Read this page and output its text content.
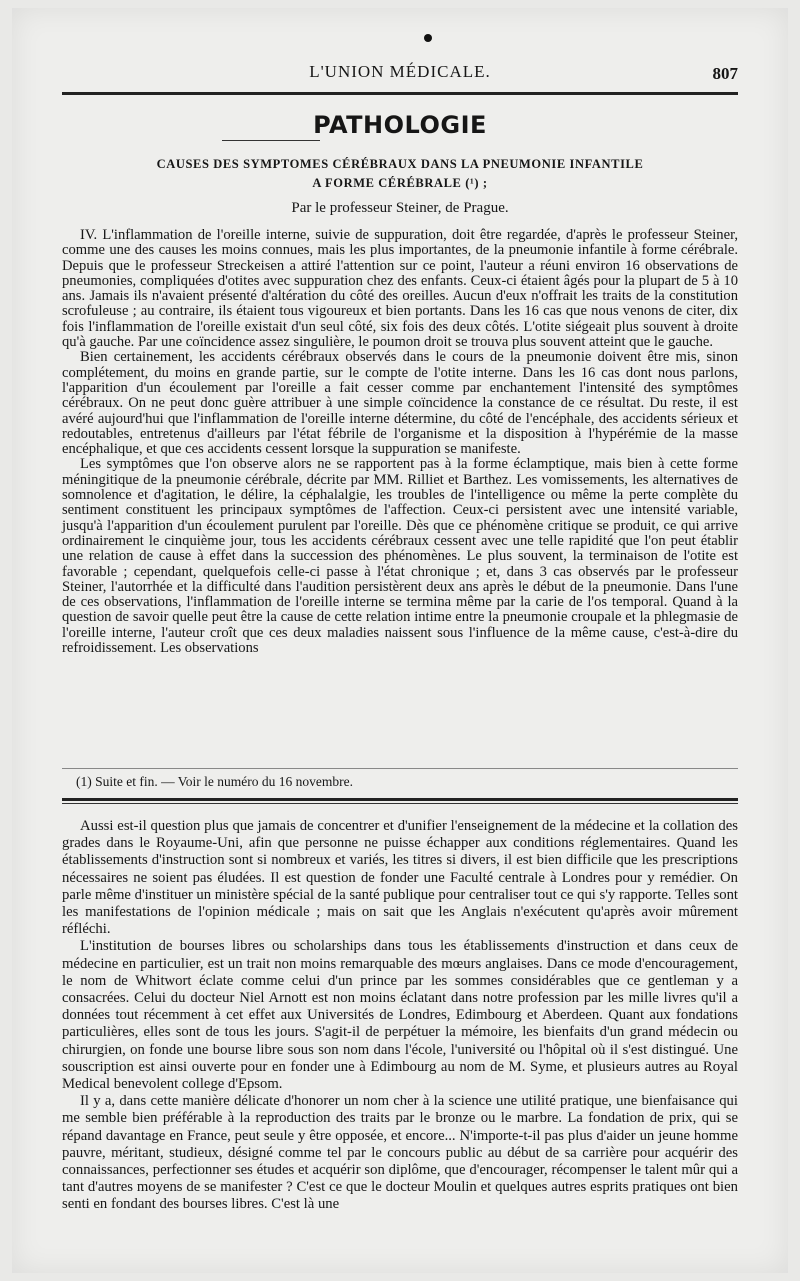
L'UNION MÉDICALE.	807
PATHOLOGIE
CAUSES DES SYMPTOMES CÉRÉBRAUX DANS LA PNEUMONIE INFANTILE
A FORME CÉRÉBRALE (¹) ;
Par le professeur Steiner, de Prague.

IV. L'inflammation de l'oreille interne, suivie de suppuration, doit être regardée, d'après le professeur Steiner, comme une des causes les moins connues, mais les plus importantes, de la pneumonie infantile à forme cérébrale. Depuis que le professeur Streckeisen a attiré l'attention sur ce point, l'auteur a réuni environ 16 observations de pneumonies, compliquées d'otites avec suppuration chez des enfants. Ceux-ci étaient âgés pour la plupart de 5 à 10 ans. Jamais ils n'avaient présenté d'altération du côté des oreilles. Aucun d'eux n'offrait les traits de la constitution scrofuleuse ; au contraire, ils étaient tous vigoureux et bien portants. Dans les 16 cas que nous venons de citer, dix fois l'inflammation de l'oreille existait d'un seul côté, six fois des deux côtés. L'otite siégeait plus souvent à droite qu'à gauche. Par une coïncidence assez singulière, le poumon droit se trouva plus souvent atteint que le gauche.

Bien certainement, les accidents cérébraux observés dans le cours de la pneumonie doivent être mis, sinon complétement, du moins en grande partie, sur le compte de l'otite interne. Dans les 16 cas dont nous parlons, l'apparition d'un écoulement par l'oreille a fait cesser comme par enchantement l'intensité des symptômes cérébraux. On ne peut donc guère attribuer à une simple coïncidence la constance de ce résultat. Du reste, il est avéré aujourd'hui que l'inflammation de l'oreille interne détermine, du côté de l'encéphale, des accidents sérieux et redoutables, entretenus d'ailleurs par l'état fébrile de l'organisme et la disposition à l'hypérémie de la masse encéphalique, et que ces accidents cessent lorsque la suppuration se manifeste.

Les symptômes que l'on observe alors ne se rapportent pas à la forme éclamptique, mais bien à cette forme méningitique de la pneumonie cérébrale, décrite par MM. Rilliet et Barthez. Les vomissements, les alternatives de somnolence et d'agitation, le délire, la céphalalgie, les troubles de l'intelligence ou même la perte complète du sentiment constituent les principaux symptômes de l'affection. Ceux-ci persistent avec une intensité variable, jusqu'à l'apparition d'un écoulement purulent par l'oreille. Dès que ce phénomène critique se produit, ce qui arrive ordinairement le cinquième jour, tous les accidents cérébraux cessent avec une telle rapidité que l'on peut établir une relation de cause à effet dans la succession des phénomènes. Le plus souvent, la terminaison de l'otite est favorable ; cependant, quelquefois celle-ci passe à l'état chronique ; et, dans 3 cas observés par le professeur Steiner, l'autorrhée et la difficulté dans l'audition persistèrent deux ans après le début de la pneumonie. Dans l'une de ces observations, l'inflammation de l'oreille interne se termina même par la carie de l'os temporal. Quand à la question de savoir quelle peut être la cause de cette relation intime entre la pneumonie croupale et la phlegmasie de l'oreille interne, l'auteur croît que ces deux maladies naissent sous l'influence de la même cause, c'est-à-dire du refroidissement. Les observations

(1) Suite et fin. — Voir le numéro du 16 novembre.

Aussi est-il question plus que jamais de concentrer et d'unifier l'enseignement de la médecine et la collation des grades dans le Royaume-Uni, afin que personne ne puisse échapper aux conditions réglementaires. Quand les établissements d'instruction sont si nombreux et variés, les titres si divers, il est bien difficile que les prescriptions nécessaires ne soient pas éludées. Il est question de fonder une Faculté centrale à Londres pour y remédier. On parle même d'instituer un ministère spécial de la santé publique pour centraliser tout ce qui s'y rapporte. Telles sont les manifestations de l'opinion médicale ; mais on sait que les Anglais n'exécutent qu'après avoir mûrement réfléchi.

L'institution de bourses libres ou scholarships dans tous les établissements d'instruction et dans ceux de médecine en particulier, est un trait non moins remarquable des mœurs anglaises. Dans ce mode d'encouragement, le nom de Whitwort éclate comme celui d'un prince par les sommes considérables que ce gentleman y a consacrées. Celui du docteur Niel Arnott est non moins éclatant dans notre profession par les mille livres qu'il a données tout récemment à cet effet aux Universités de Londres, Edimbourg et Aberdeen. Quant aux fondations particulières, elles sont de tous les jours. S'agit-il de perpétuer la mémoire, les bienfaits d'un grand médecin ou chirurgien, on fonde une bourse libre sous son nom dans l'école, l'université ou l'hôpital où il s'est distingué. Une souscription est ainsi ouverte pour en fonder une à Edimbourg au nom de M. Syme, et plusieurs autres au Royal Medical benevolent college d'Epsom.

Il y a, dans cette manière délicate d'honorer un nom cher à la science une utilité pratique, une bienfaisance qui me semble bien préférable à la reproduction des traits par le bronze ou le marbre. La fondation de prix, qui se répand davantage en France, peut seule y être opposée, et encore... N'importe-t-il pas plus d'aider un jeune homme pauvre, méritant, studieux, désigné comme tel par le concours public au début de sa carrière pour acquérir des connaissances, perfectionner ses études et acquérir son diplôme, que d'encourager, récompenser le talent mûr qui a tant d'autres moyens de se manifester ? C'est ce que le docteur Moulin et quelques autres esprits pratiques ont bien senti en fondant des bourses libres. C'est là une
